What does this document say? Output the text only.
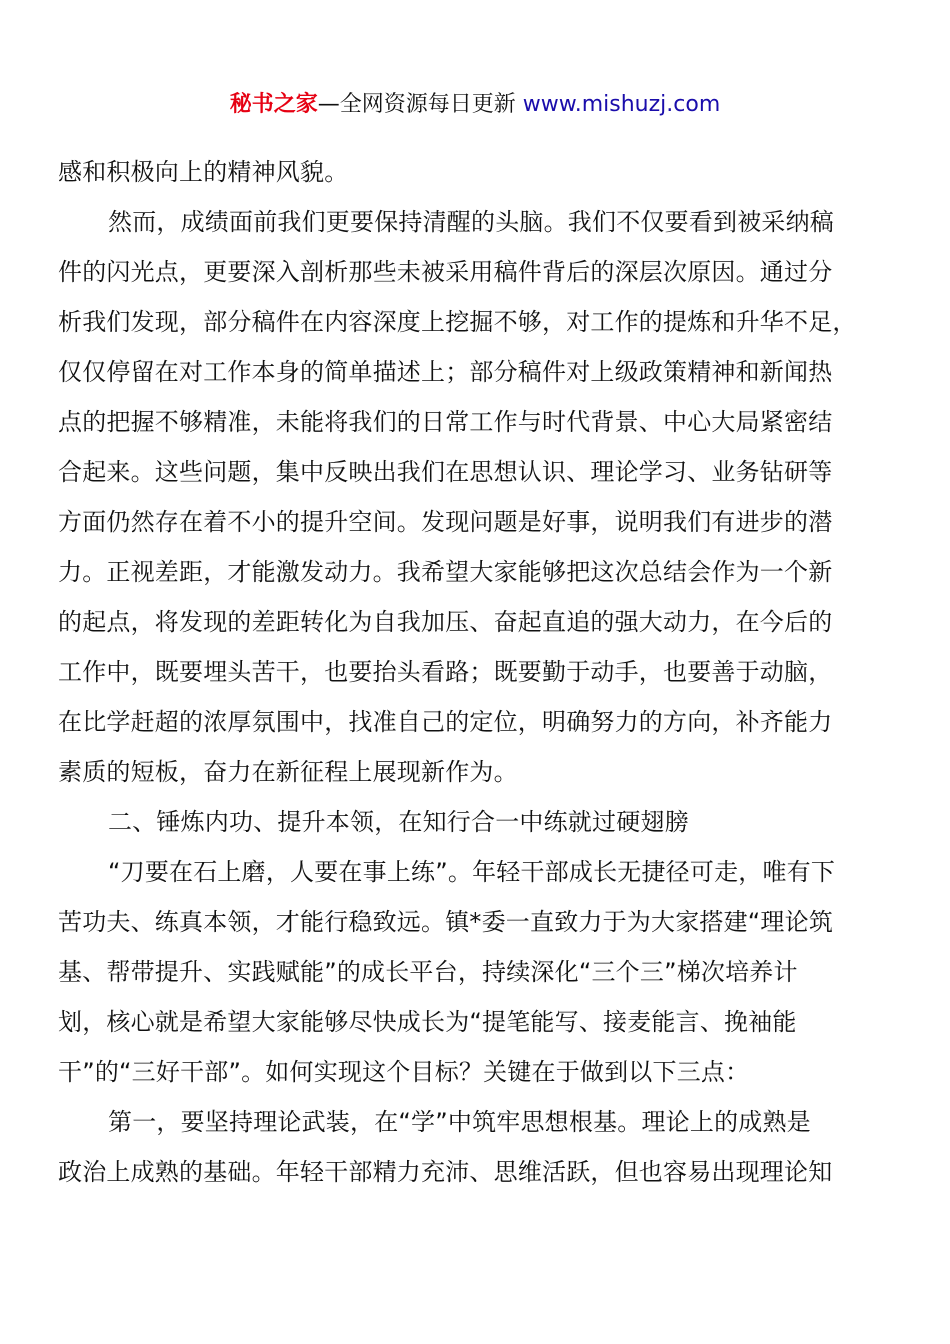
秘书之家—全网资源每日更新 www.mishuzj.com
感和积极向上的精神风貌。
然而，成绩面前我们更要保持清醒的头脑。我们不仅要看到被采纳稿
件的闪光点，更要深入剖析那些未被采用稿件背后的深层次原因。通过分
析我们发现，部分稿件在内容深度上挖掘不够，对工作的提炼和升华不足，
仅仅停留在对工作本身的简单描述上；部分稿件对上级政策精神和新闻热
点的把握不够精准，未能将我们的日常工作与时代背景、中心大局紧密结
合起来。这些问题，集中反映出我们在思想认识、理论学习、业务钻研等
方面仍然存在着不小的提升空间。发现问题是好事，说明我们有进步的潜
力。正视差距，才能激发动力。我希望大家能够把这次总结会作为一个新
的起点，将发现的差距转化为自我加压、奋起直追的强大动力，在今后的
工作中，既要埋头苦干，也要抬头看路；既要勤于动手，也要善于动脑，
在比学赶超的浓厚氛围中，找准自己的定位，明确努力的方向，补齐能力
素质的短板，奋力在新征程上展现新作为。
二、锤炼内功、提升本领，在知行合一中练就过硬翅膀
“刀要在石上磨，人要在事上练”。年轻干部成长无捷径可走，唯有下
苦功夫、练真本领，才能行稳致远。镇*委一直致力于为大家搭建“理论筑
基、帮带提升、实践赋能”的成长平台，持续深化“三个三”梯次培养计
划，核心就是希望大家能够尽快成长为“提笔能写、接麦能言、挽袖能
干”的“三好干部”。如何实现这个目标？关键在于做到以下三点：
第一，要坚持理论武装，在“学”中筑牢思想根基。理论上的成熟是
政治上成熟的基础。年轻干部精力充沛、思维活跃，但也容易出现理论知
